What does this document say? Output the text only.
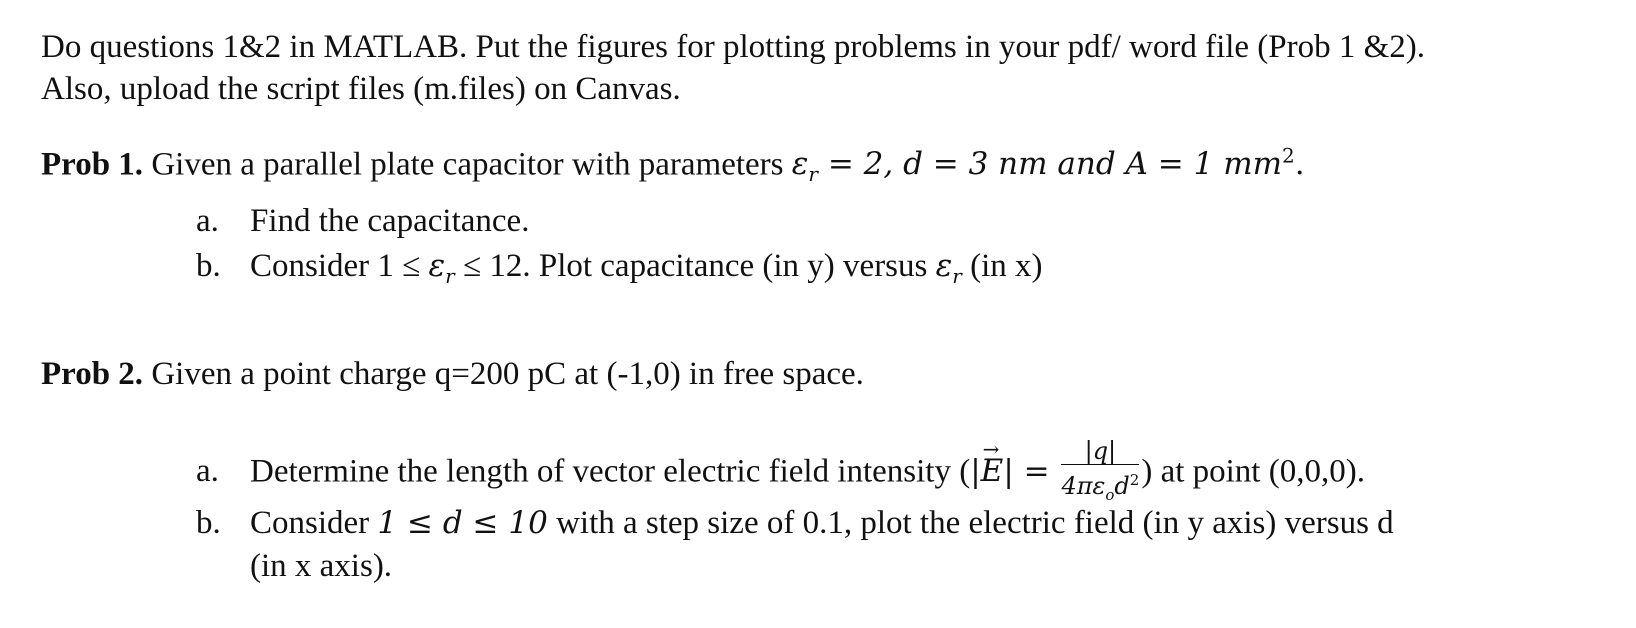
Do questions 1&2 in MATLAB. Put the figures for plotting problems in your pdf/ word file (Prob 1 &2).
Also, upload the script files (m.files) on Canvas.
Prob 1. Given a parallel plate capacitor with parameters $\varepsilon_r = 2$, d = 3 nm and A = 1 $mm^2$.
a. Find the capacitance.
b. Consider $1 \le \varepsilon_r \le 12$. Plot capacitance (in y) versus $\varepsilon_r$ (in x)
Prob 2. Given a point charge q=200 pC at (-1,0) in free space.
a. Determine the length of vector electric field intensity (|→ $E| = \frac{|q|}{4\pi\varepsilon_od^2}$ ) at point (0,0,0).
b. Consider 1 ≤ d ≤ 10 with a step size of 0.1, plot the electric field (in y axis) versus d
(in x axis).
